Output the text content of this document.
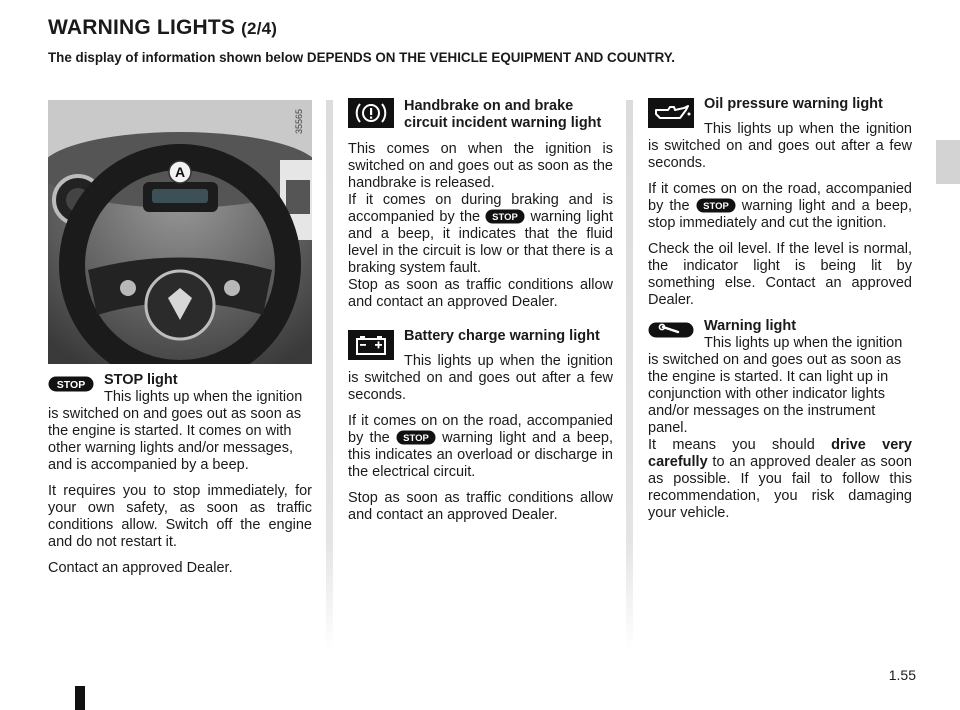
WARNING LIGHTS (2/4)

The display of information shown below DEPENDS ON THE VEHICLE EQUIPMENT AND COUNTRY.

A

35565

STOP	STOP light
This lights up when the ignition is switched on and goes out as soon as the engine is started. It comes on with other warning lights and/or messages, and is accompanied by a beep.

It requires you to stop immediately, for your own safety, as soon as traffic conditions allow. Switch off the engine and do not restart it.

Contact an approved Dealer.

Handbrake on and brake circuit incident warning light

This comes on when the ignition is switched on and goes out as soon as the handbrake is released.

If it comes on during braking and is accompanied by the STOP warning light and a beep, it indicates that the fluid level in the circuit is low or that there is a braking system fault.

Stop as soon as traffic conditions allow and contact an approved Dealer.

Battery charge warning light
This lights up when the ignition is switched on and goes out after a few seconds.

If it comes on on the road, accompanied by the STOP warning light and a beep, this indicates an overload or discharge in the electrical circuit.

Stop as soon as traffic conditions allow and contact an approved Dealer.

Oil pressure warning light
This lights up when the ignition is switched on and goes out after a few seconds.

If it comes on on the road, accompanied by the STOP warning light and a beep, stop immediately and cut the ignition.

Check the oil level. If the level is normal, the indicator light is being lit by something else. Contact an approved Dealer.

Warning light
This lights up when the ignition is switched on and goes out as soon as the engine is started. It can light up in conjunction with other indicator lights and/or messages on the instrument panel.

It means you should drive very carefully to an approved dealer as soon as possible. If you fail to follow this recommendation, you risk damaging your vehicle.

1.55
